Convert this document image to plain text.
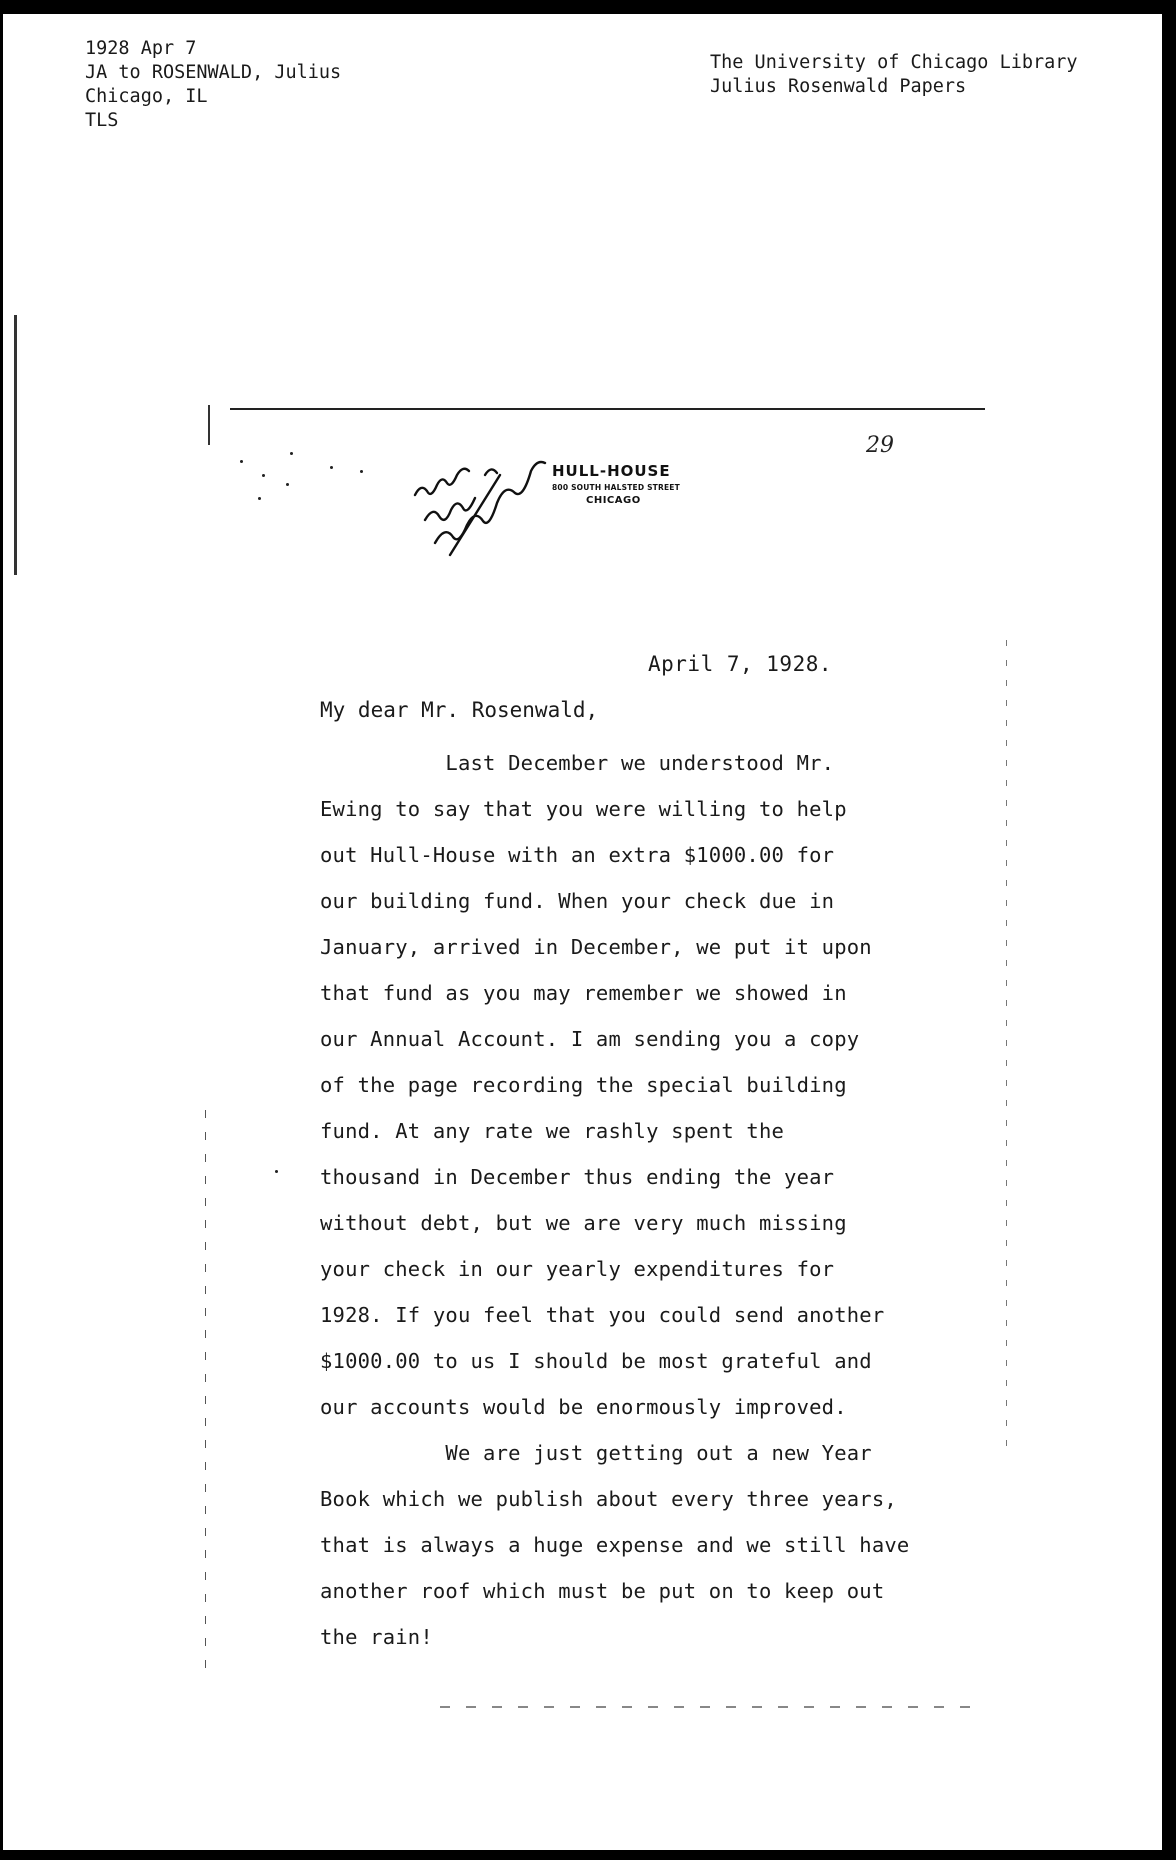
1928 Apr 7
JA to ROSENWALD, Julius
Chicago, IL
TLS
The University of Chicago Library
Julius Rosenwald Papers
HULL-HOUSE
800 SOUTH HALSTED STREET
CHICAGO
29
April 7, 1928.
My dear Mr. Rosenwald,
Last December we understood Mr.
Ewing to say that you were willing to help
out Hull-House with an extra $1000.00 for
our building fund. When your check due in
January, arrived in December, we put it upon
that fund as you may remember we showed in
our Annual Account. I am sending you a copy
of the page recording the special building
fund. At any rate we rashly spent the
thousand in December thus ending the year
without debt, but we are very much missing
your check in our yearly expenditures for
1928. If you feel that you could send another
$1000.00 to us I should be most grateful and
our accounts would be enormously improved.
We are just getting out a new Year
Book which we publish about every three years,
that is always a huge expense and we still have
another roof which must be put on to keep out
the rain!
